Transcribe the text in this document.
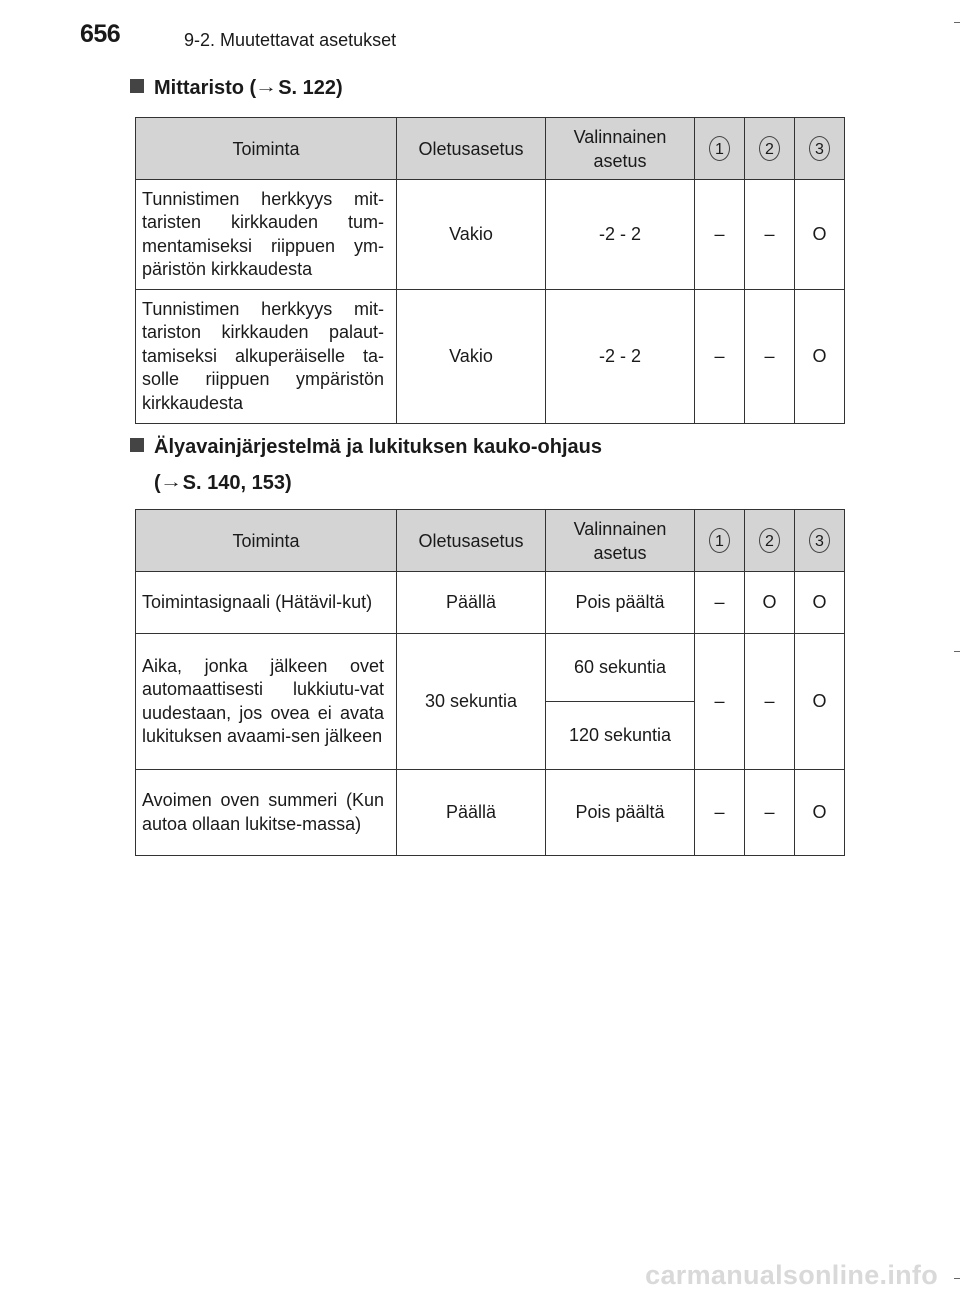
656	9-2. Muutettavat asetukset
Mittaristo (→S. 122)
Toiminta	Oletusasetus	Valinnainen asetus	1	2	3
Tunnistimen herkkyys mit-taristen kirkkauden tum-mentamiseksi riippuen ym-päristön kirkkaudesta	Vakio	-2 - 2	–	–	O
Tunnistimen herkkyys mit-tariston kirkkauden palaut-tamiseksi alkuperäiselle ta-solle riippuen ympäristön kirkkaudesta	Vakio	-2 - 2	–	–	O
Älyavainjärjestelmä ja lukituksen kauko-ohjaus
(→S. 140, 153)
Toiminta	Oletusasetus	Valinnainen asetus	1	2	3
Toimintasignaali (Hätävil-kut)	Päällä	Pois päältä	–	O	O
Aika, jonka jälkeen ovet automaattisesti lukkiutu-vat uudestaan, jos ovea ei avata lukituksen avaami-sen jälkeen	30 sekuntia	60 sekuntia	–	–	O
		120 sekuntia			
Avoimen oven summeri (Kun autoa ollaan lukitse-massa)	Päällä	Pois päältä	–	–	O
carmanualsonline.info
